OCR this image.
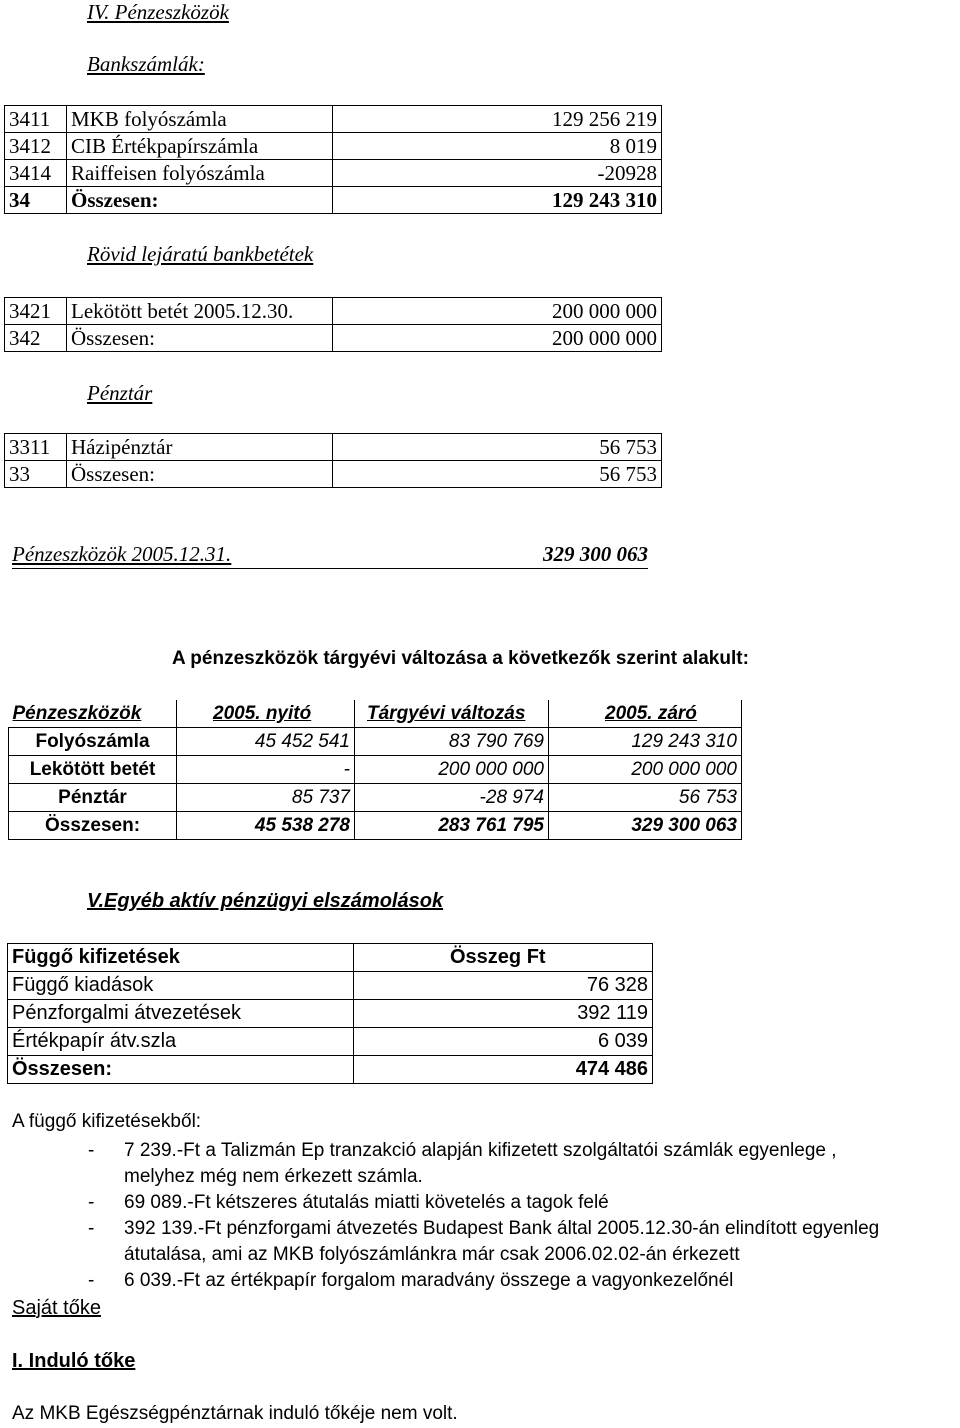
IV. Pénzeszközök
Bankszámlák:
3411	MKB folyószámla	129 256 219
3412	CIB Értékpapírszámla	8 019
3414	Raiffeisen folyószámla	-20928
34	Összesen:	129 243 310
Rövid lejáratú bankbetétek
3421	Lekötött betét 2005.12.30.	200 000 000
342	Összesen:	200 000 000
Pénztár
3311	Házipénztár	56 753
33	Összesen:	56 753
Pénzeszközök 2005.12.31.	329 300 063
A pénzeszközök tárgyévi változása a következők szerint alakult:
Pénzeszközök	2005. nyitó	Tárgyévi változás	2005. záró
Folyószámla	45 452 541	83 790 769	129 243 310
Lekötött betét	-	200 000 000	200 000 000
Pénztár	85 737	-28 974	56 753
Összesen:	45 538 278	283 761 795	329 300 063
V.Egyéb aktív pénzügyi elszámolások
Függő kifizetések	Összeg Ft
Függő kiadások	76 328
Pénzforgalmi átvezetések	392 119
Értékpapír átv.szla	6 039
Összesen:	474 486
A függő kifizetésekből:
- 7 239.-Ft a Talizmán Ep tranzakció alapján kifizetett szolgáltatói számlák egyenlege ,
melyhez még nem érkezett számla.
- 69 089.-Ft kétszeres átutalás miatti követelés a tagok felé
- 392 139.-Ft pénzforgami átvezetés Budapest Bank által 2005.12.30-án elindított egyenleg
átutalása, ami az MKB folyószámlánkra már csak 2006.02.02-án érkezett
- 6 039.-Ft az értékpapír forgalom maradvány összege a vagyonkezelőnél
Saját tőke
I. Induló tőke
Az MKB Egészségpénztárnak induló tőkéje nem volt.
